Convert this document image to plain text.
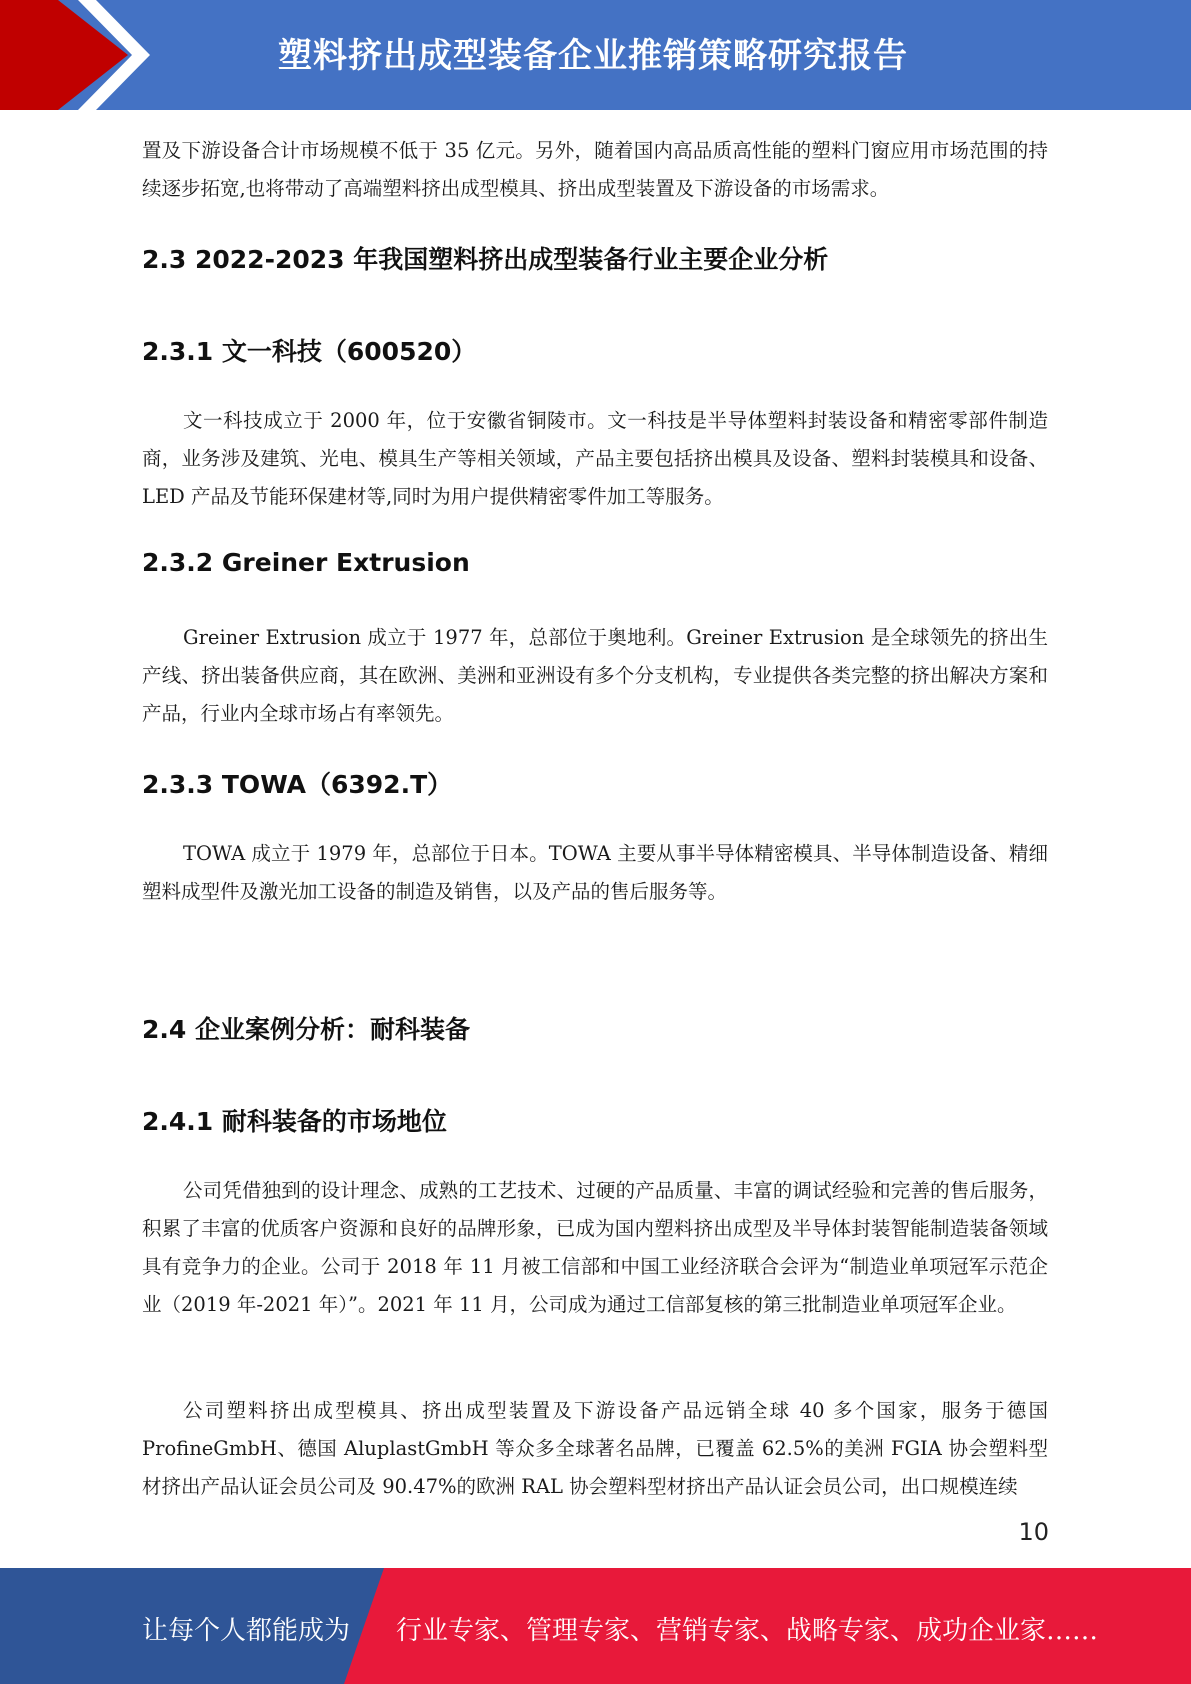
塑料挤出成型装备企业推销策略研究报告

置及下游设备合计市场规模不低于 35 亿元。另外，随着国内高品质高性能的塑料门窗应用市场范围的持续逐步拓宽,也将带动了高端塑料挤出成型模具、挤出成型装置及下游设备的市场需求。

2.3 2022-2023 年我国塑料挤出成型装备行业主要企业分析
2.3.1 文一科技（600520）

文一科技成立于 2000 年，位于安徽省铜陵市。文一科技是半导体塑料封装设备和精密零部件制造商，业务涉及建筑、光电、模具生产等相关领域，产品主要包括挤出模具及设备、塑料封装模具和设备、LED 产品及节能环保建材等,同时为用户提供精密零件加工等服务。

2.3.2 Greiner Extrusion

Greiner Extrusion 成立于 1977 年，总部位于奥地利。Greiner Extrusion 是全球领先的挤出生产线、挤出装备供应商，其在欧洲、美洲和亚洲设有多个分支机构，专业提供各类完整的挤出解决方案和产品，行业内全球市场占有率领先。

2.3.3 TOWA（6392.T）

TOWA 成立于 1979 年，总部位于日本。TOWA 主要从事半导体精密模具、半导体制造设备、精细塑料成型件及激光加工设备的制造及销售，以及产品的售后服务等。

2.4 企业案例分析：耐科装备
2.4.1 耐科装备的市场地位

公司凭借独到的设计理念、成熟的工艺技术、过硬的产品质量、丰富的调试经验和完善的售后服务，积累了丰富的优质客户资源和良好的品牌形象，已成为国内塑料挤出成型及半导体封装智能制造装备领域具有竞争力的企业。公司于 2018 年 11 月被工信部和中国工业经济联合会评为“制造业单项冠军示范企业（2019 年-2021 年）”。2021 年 11 月，公司成为通过工信部复核的第三批制造业单项冠军企业。

公司塑料挤出成型模具、挤出成型装置及下游设备产品远销全球 40 多个国家，服务于德国 ProfineGmbH、德国 AluplastGmbH 等众多全球著名品牌，已覆盖 62.5%的美洲 FGIA 协会塑料型材挤出产品认证会员公司及 90.47%的欧洲 RAL 协会塑料型材挤出产品认证会员公司，出口规模连续

10
让每个人都能成为 行业专家、管理专家、营销专家、战略专家、成功企业家……
